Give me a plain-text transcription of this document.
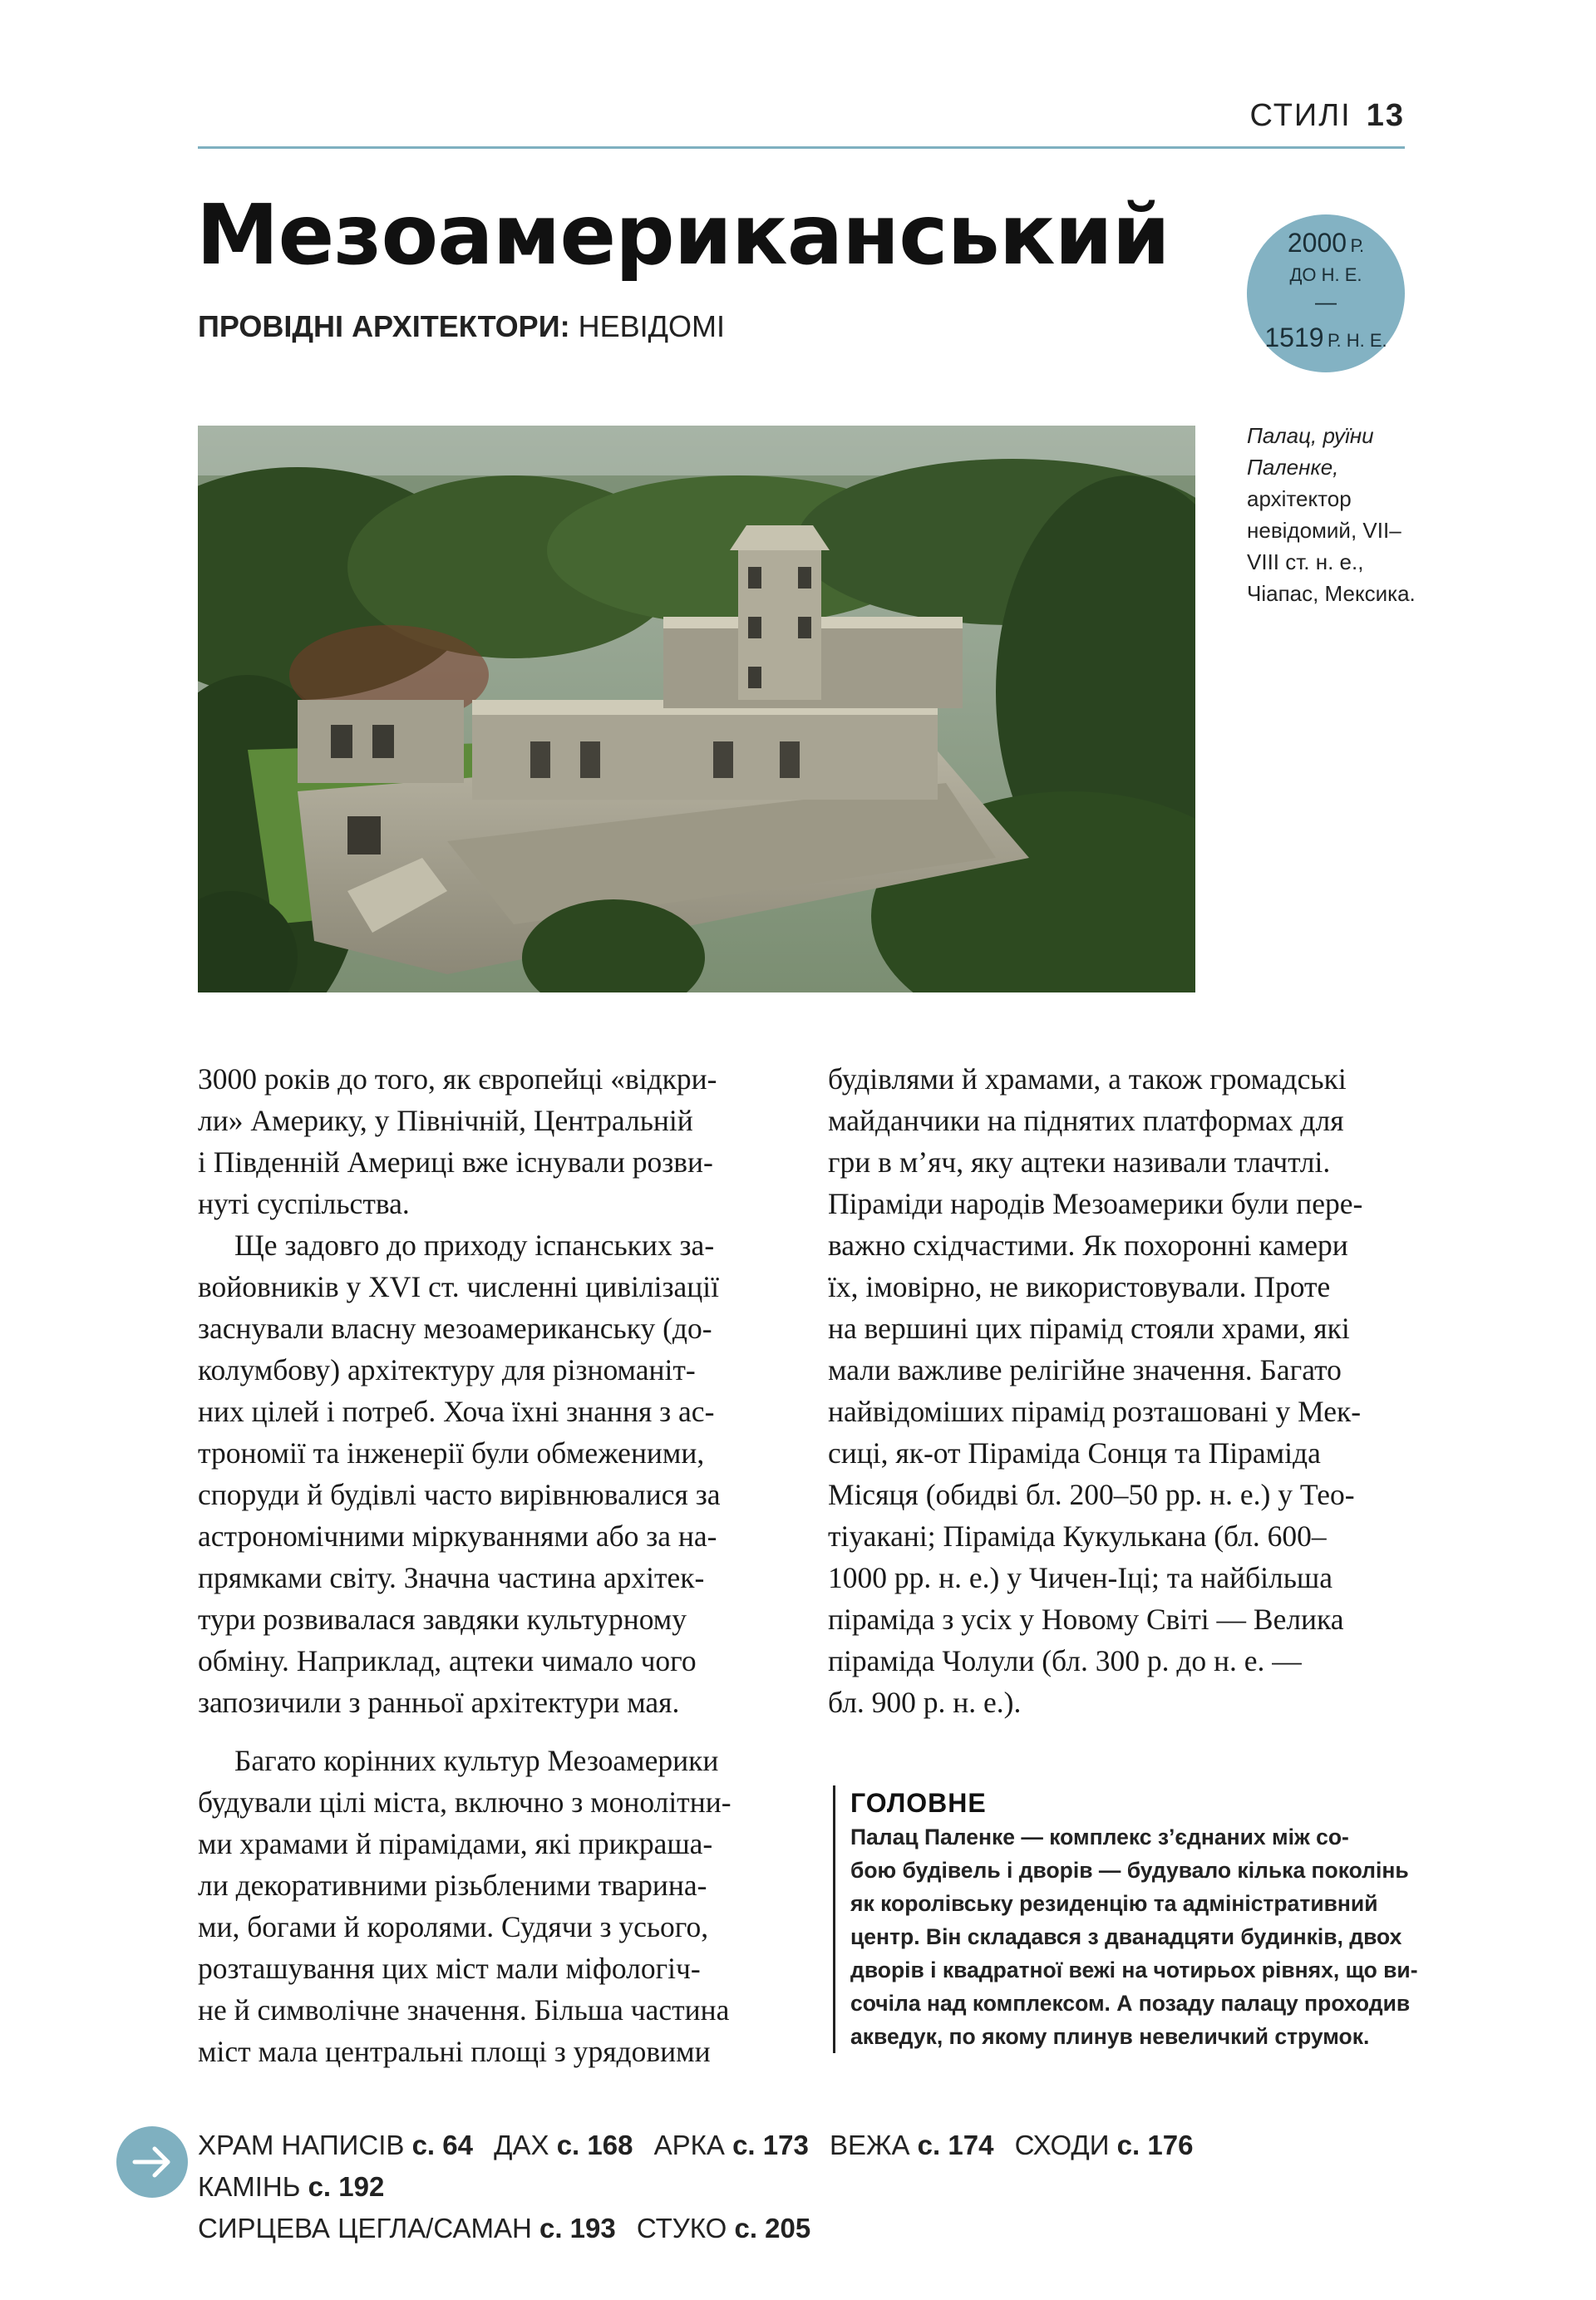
СТИЛІ 13
Мезоамериканський
ПРОВІДНІ АРХІТЕКТОРИ: НЕВІДОМІ
2000 Р.
ДО Н. Е.
—
1519 Р. Н. Е.
Палац, руїни Паленке, архітектор невідомий, VII–VIII ст. н. е., Чіапас, Мексика.

3000 років до того, як європейці «відкри-
ли» Америку, у Північній, Центральній
і Південній Америці вже існували розви-
нуті суспільства.

Ще задовго до приходу іспанських за-
войовників у XVI ст. численні цивілізації
заснували власну мезоамериканську (до-
колумбову) архітектуру для різноманіт-
них цілей і потреб. Хоча їхні знання з ас-
трономії та інженерії були обмеженими,
споруди й будівлі часто вирівнювалися за
астрономічними міркуваннями або за на-
прямками світу. Значна частина архітек-
тури розвивалася завдяки культурному
обміну. Наприклад, ацтеки чимало чого
запозичили з ранньої архітектури мая.

Багато корінних культур Мезоамерики
будували цілі міста, включно з монолітни-
ми храмами й пірамідами, які прикраша-
ли декоративними різьбленими тварина-
ми, богами й королями. Судячи з усього,
розташування цих міст мали міфологіч-
не й символічне значення. Більша частина
міст мала центральні площі з урядовими

будівлями й храмами, а також громадські
майданчики на піднятих платформах для
гри в м’яч, яку ацтеки називали тлачтлі.
Піраміди народів Мезоамерики були пере-
важно східчастими. Як похоронні камери
їх, імовірно, не використовували. Проте
на вершині цих пірамід стояли храми, які
мали важливе релігійне значення. Багато
найвідоміших пірамід розташовані у Мек-
сиці, як-от Піраміда Сонця та Піраміда
Місяця (обидві бл. 200–50 рр. н. е.) у Тео-
тіуакані; Піраміда Кукулькана (бл. 600–
1000 рр. н. е.) у Чичен-Іці; та найбільша
піраміда з усіх у Новому Світі — Велика
піраміда Чолули (бл. 300 р. до н. е. —
бл. 900 р. н. е.).

ГОЛОВНЕ
Палац Паленке — комплекс з’єднаних між со-
бою будівель і дворів — будувало кілька поколінь
як королівську резиденцію та адміністративний
центр. Він складався з дванадцяти будинків, двох
дворів і квадратної вежі на чотирьох рівнях, що ви-
сочіла над комплексом. А позаду палацу проходив
акведук, по якому плинув невеличкий струмок.
ХРАМ НАПИСІВ с. 64 ДАХ с. 168 АРКА с. 173 ВЕЖА с. 174 СХОДИ с. 176 КАМІНЬ с. 192
СИРЦЕВА ЦЕГЛА/САМАН с. 193 СТУКО с. 205
